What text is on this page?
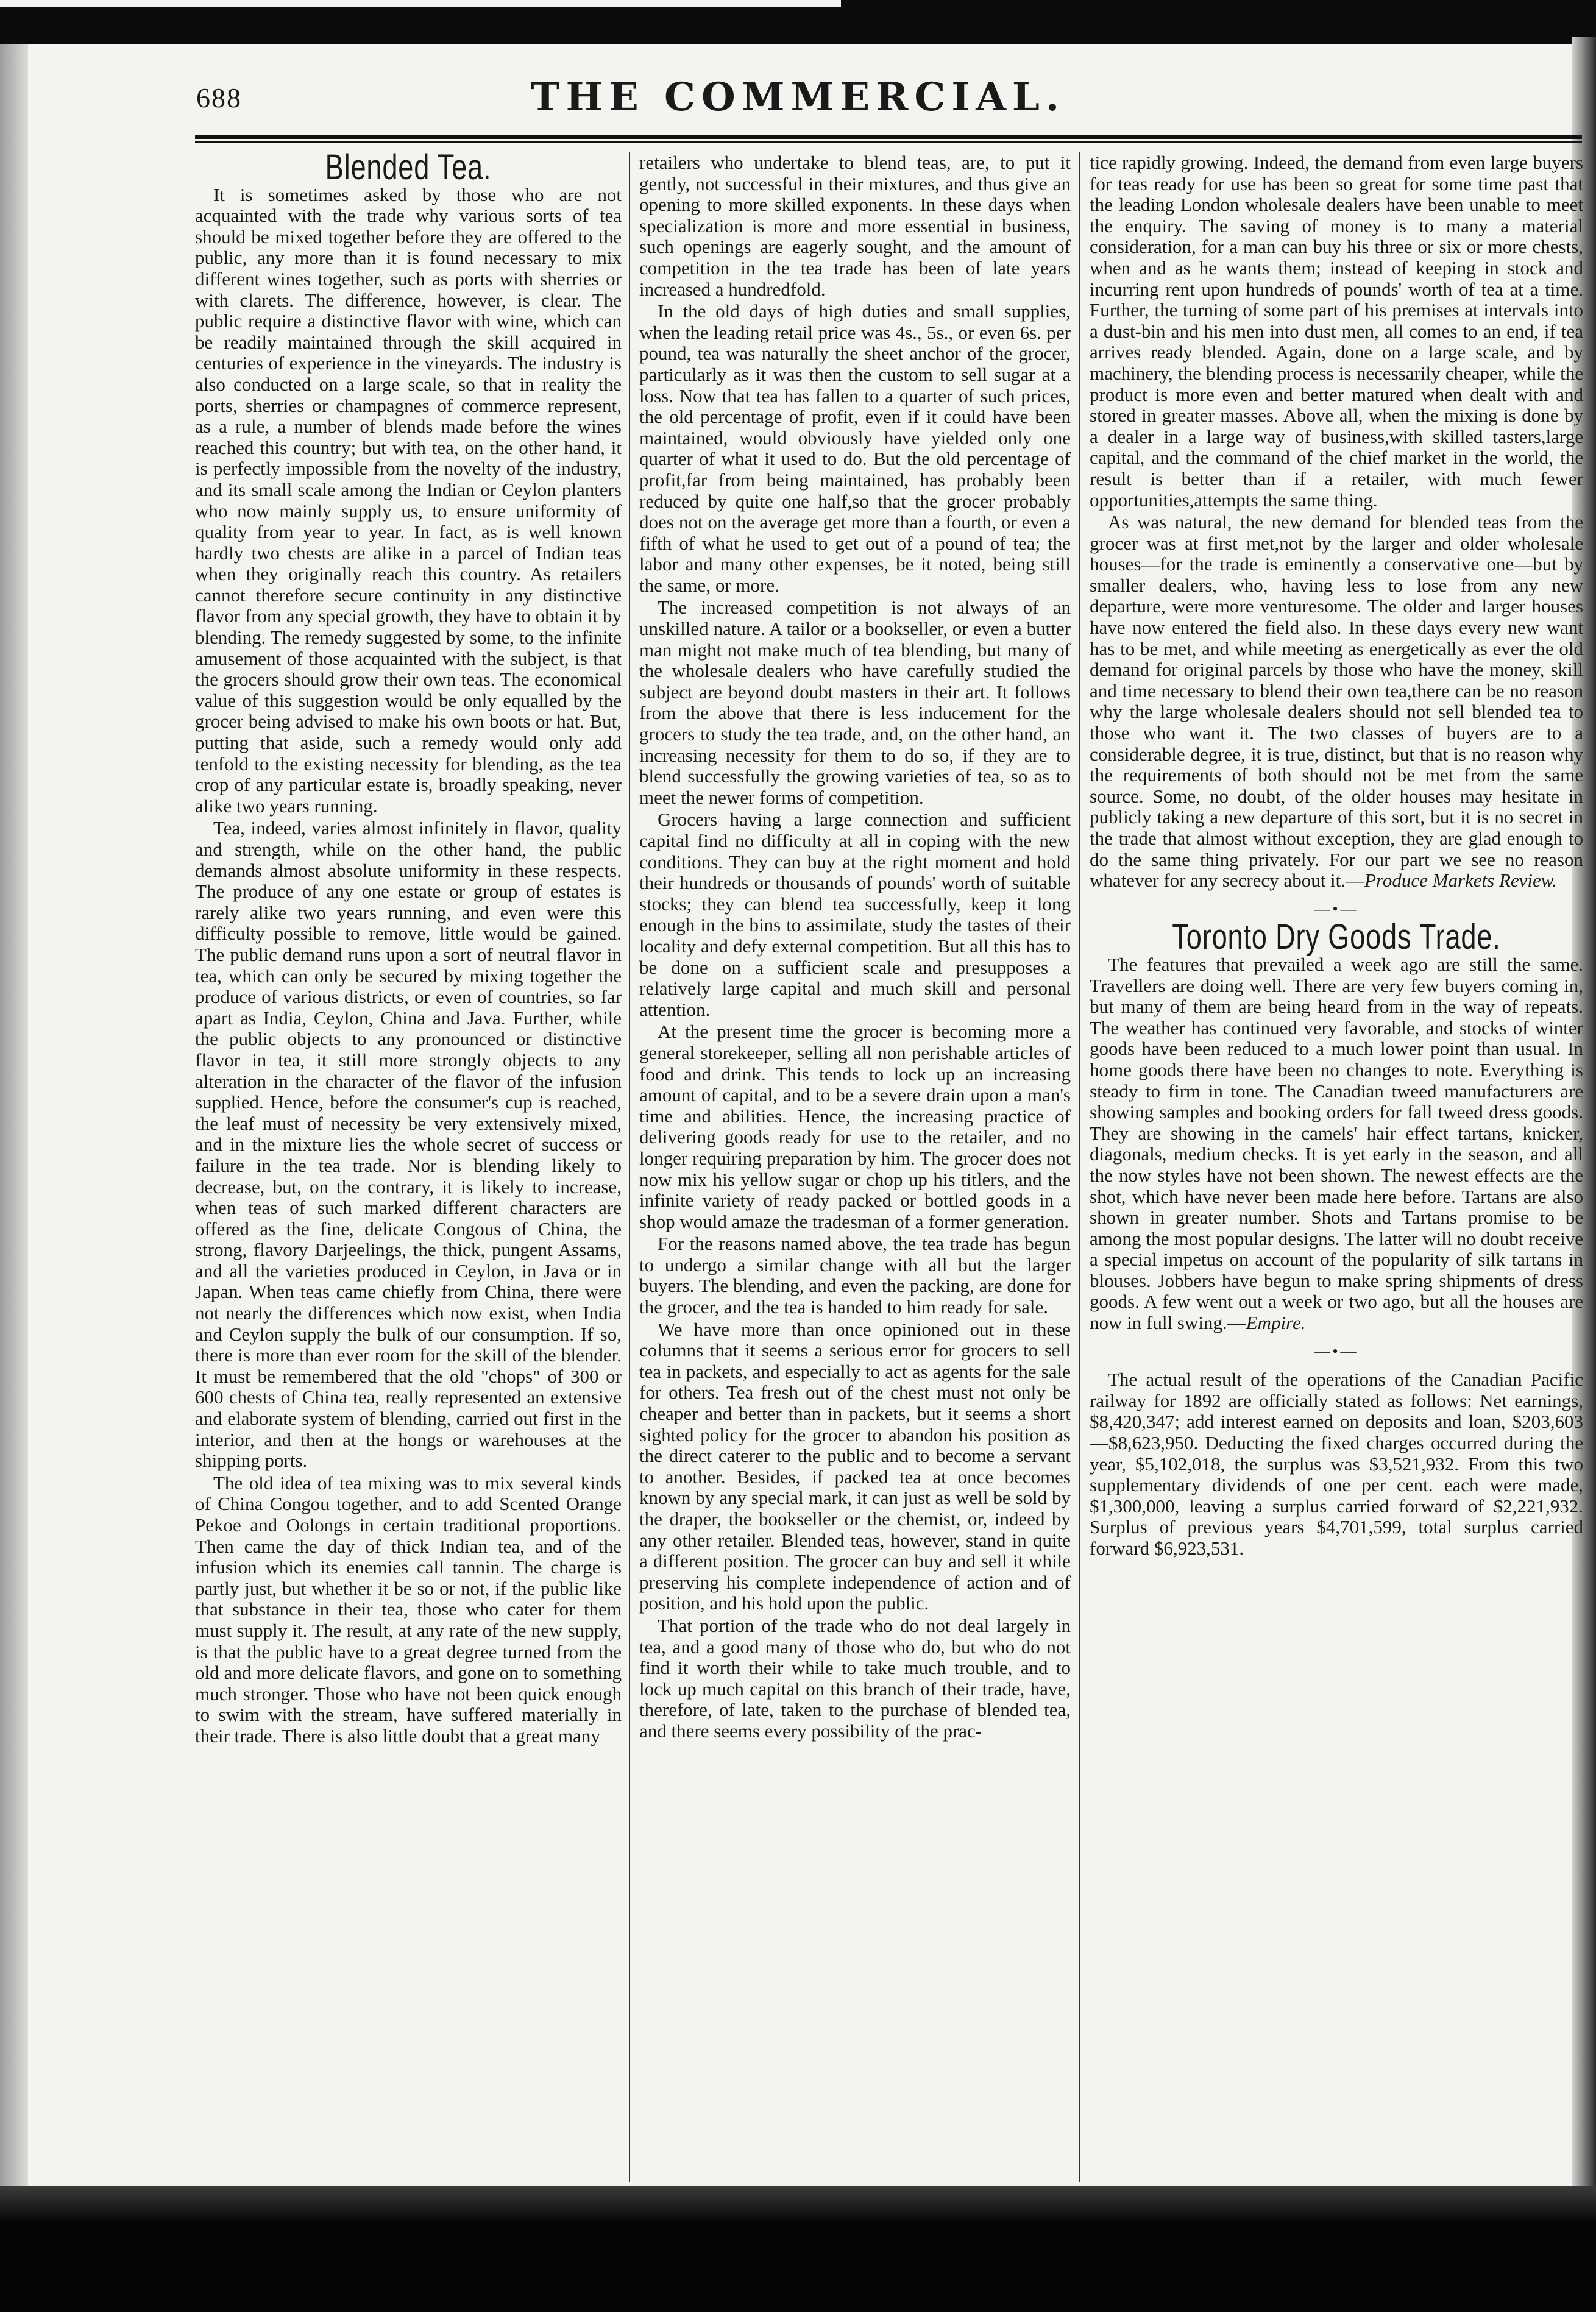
688	THE COMMERCIAL.
Blended Tea.

It is sometimes asked by those who are not acquainted with the trade why various sorts of tea should be mixed together before they are offered to the public, any more than it is found necessary to mix different wines together, such as ports with sherries or with clarets. The difference, however, is clear. The public require a distinctive flavor with wine, which can be readily maintained through the skill acquired in centuries of experience in the vineyards. The industry is also conducted on a large scale, so that in reality the ports, sherries or champagnes of commerce represent, as a rule, a number of blends made before the wines reached this country; but with tea, on the other hand, it is perfectly impossible from the novelty of the industry, and its small scale among the Indian or Ceylon planters who now mainly supply us, to ensure uniformity of quality from year to year. In fact, as is well known hardly two chests are alike in a parcel of Indian teas when they originally reach this country. As retailers cannot therefore secure continuity in any distinctive flavor from any special growth, they have to obtain it by blending. The remedy suggested by some, to the infinite amusement of those acquainted with the subject, is that the grocers should grow their own teas. The economical value of this suggestion would be only equalled by the grocer being advised to make his own boots or hat. But, putting that aside, such a remedy would only add tenfold to the existing necessity for blending, as the tea crop of any particular estate is, broadly speaking, never alike two years running.

Tea, indeed, varies almost infinitely in flavor, quality and strength, while on the other hand, the public demands almost absolute uniformity in these respects. The produce of any one estate or group of estates is rarely alike two years running, and even were this difficulty possible to remove, little would be gained. The public demand runs upon a sort of neutral flavor in tea, which can only be secured by mixing together the produce of various districts, or even of countries, so far apart as India, Ceylon, China and Java. Further, while the public objects to any pronounced or distinctive flavor in tea, it still more strongly objects to any alteration in the character of the flavor of the infusion supplied. Hence, before the consumer's cup is reached, the leaf must of necessity be very extensively mixed, and in the mixture lies the whole secret of success or failure in the tea trade. Nor is blending likely to decrease, but, on the contrary, it is likely to increase, when teas of such marked different characters are offered as the fine, delicate Congous of China, the strong, flavory Darjeelings, the thick, pungent Assams, and all the varieties produced in Ceylon, in Java or in Japan. When teas came chiefly from China, there were not nearly the differences which now exist, when India and Ceylon supply the bulk of our consumption. If so, there is more than ever room for the skill of the blender. It must be remembered that the old "chops" of 300 or 600 chests of China tea, really represented an extensive and elaborate system of blending, carried out first in the interior, and then at the hongs or warehouses at the shipping ports.

The old idea of tea mixing was to mix several kinds of China Congou together, and to add Scented Orange Pekoe and Oolongs in certain traditional proportions. Then came the day of thick Indian tea, and of the infusion which its enemies call tannin. The charge is partly just, but whether it be so or not, if the public like that substance in their tea, those who cater for them must supply it. The result, at any rate of the new supply, is that the public have to a great degree turned from the old and more delicate flavors, and gone on to something much stronger. Those who have not been quick enough to swim with the stream, have suffered materially in their trade. There is also little doubt that a great many

retailers who undertake to blend teas, are, to put it gently, not successful in their mixtures, and thus give an opening to more skilled exponents. In these days when specialization is more and more essential in business, such openings are eagerly sought, and the amount of competition in the tea trade has been of late years increased a hundredfold.

In the old days of high duties and small supplies, when the leading retail price was 4s., 5s., or even 6s. per pound, tea was naturally the sheet anchor of the grocer, particularly as it was then the custom to sell sugar at a loss. Now that tea has fallen to a quarter of such prices, the old percentage of profit, even if it could have been maintained, would obviously have yielded only one quarter of what it used to do. But the old percentage of profit,far from being maintained, has probably been reduced by quite one half,so that the grocer probably does not on the average get more than a fourth, or even a fifth of what he used to get out of a pound of tea; the labor and many other expenses, be it noted, being still the same, or more.

The increased competition is not always of an unskilled nature. A tailor or a bookseller, or even a butter man might not make much of tea blending, but many of the wholesale dealers who have carefully studied the subject are beyond doubt masters in their art. It follows from the above that there is less inducement for the grocers to study the tea trade, and, on the other hand, an increasing necessity for them to do so, if they are to blend successfully the growing varieties of tea, so as to meet the newer forms of competition.

Grocers having a large connection and sufficient capital find no difficulty at all in coping with the new conditions. They can buy at the right moment and hold their hundreds or thousands of pounds' worth of suitable stocks; they can blend tea successfully, keep it long enough in the bins to assimilate, study the tastes of their locality and defy external competition. But all this has to be done on a sufficient scale and presupposes a relatively large capital and much skill and personal attention.

At the present time the grocer is becoming more a general storekeeper, selling all non perishable articles of food and drink. This tends to lock up an increasing amount of capital, and to be a severe drain upon a man's time and abilities. Hence, the increasing practice of delivering goods ready for use to the retailer, and no longer requiring preparation by him. The grocer does not now mix his yellow sugar or chop up his titlers, and the infinite variety of ready packed or bottled goods in a shop would amaze the tradesman of a former generation.

For the reasons named above, the tea trade has begun to undergo a similar change with all but the larger buyers. The blending, and even the packing, are done for the grocer, and the tea is handed to him ready for sale.

We have more than once opinioned out in these columns that it seems a serious error for grocers to sell tea in packets, and especially to act as agents for the sale for others. Tea fresh out of the chest must not only be cheaper and better than in packets, but it seems a short sighted policy for the grocer to abandon his position as the direct caterer to the public and to become a servant to another. Besides, if packed tea at once becomes known by any special mark, it can just as well be sold by the draper, the bookseller or the chemist, or, indeed by any other retailer. Blended teas, however, stand in quite a different position. The grocer can buy and sell it while preserving his complete independence of action and of position, and his hold upon the public.

That portion of the trade who do not deal largely in tea, and a good many of those who do, but who do not find it worth their while to take much trouble, and to lock up much capital on this branch of their trade, have, therefore, of late, taken to the purchase of blended tea, and there seems every possibility of the prac-

tice rapidly growing. Indeed, the demand from even large buyers for teas ready for use has been so great for some time past that the leading London wholesale dealers have been unable to meet the enquiry. The saving of money is to many a material consideration, for a man can buy his three or six or more chests, when and as he wants them; instead of keeping in stock and incurring rent upon hundreds of pounds' worth of tea at a time. Further, the turning of some part of his premises at intervals into a dust-bin and his men into dust men, all comes to an end, if tea arrives ready blended. Again, done on a large scale, and by machinery, the blending process is necessarily cheaper, while the product is more even and better matured when dealt with and stored in greater masses. Above all, when the mixing is done by a dealer in a large way of business,with skilled tasters,large capital, and the command of the chief market in the world, the result is better than if a retailer, with much fewer opportunities,attempts the same thing.

As was natural, the new demand for blended teas from the grocer was at first met,not by the larger and older wholesale houses—for the trade is eminently a conservative one—but by smaller dealers, who, having less to lose from any new departure, were more venturesome. The older and larger houses have now entered the field also. In these days every new want has to be met, and while meeting as energetically as ever the old demand for original parcels by those who have the money, skill and time necessary to blend their own tea,there can be no reason why the large wholesale dealers should not sell blended tea to those who want it. The two classes of buyers are to a considerable degree, it is true, distinct, but that is no reason why the requirements of both should not be met from the same source. Some, no doubt, of the older houses may hesitate in publicly taking a new departure of this sort, but it is no secret in the trade that almost without exception, they are glad enough to do the same thing privately. For our part we see no reason whatever for any secrecy about it.—Produce Markets Review.

—•—
Toronto Dry Goods Trade.

The features that prevailed a week ago are still the same. Travellers are doing well. There are very few buyers coming in, but many of them are being heard from in the way of repeats. The weather has continued very favorable, and stocks of winter goods have been reduced to a much lower point than usual. In home goods there have been no changes to note. Everything is steady to firm in tone. The Canadian tweed manufacturers are showing samples and booking orders for fall tweed dress goods. They are showing in the camels' hair effect tartans, knicker, diagonals, medium checks. It is yet early in the season, and all the now styles have not been shown. The newest effects are the shot, which have never been made here before. Tartans are also shown in greater number. Shots and Tartans promise to be among the most popular designs. The latter will no doubt receive a special impetus on account of the popularity of silk tartans in blouses. Jobbers have begun to make spring shipments of dress goods. A few went out a week or two ago, but all the houses are now in full swing.—Empire.

—•—

The actual result of the operations of the Canadian Pacific railway for 1892 are officially stated as follows: Net earnings, $8,420,347; add interest earned on deposits and loan, $203,603—$8,623,950. Deducting the fixed charges occurred during the year, $5,102,018, the surplus was $3,521,932. From this two supplementary dividends of one per cent. each were made, $1,300,000, leaving a surplus carried forward of $2,221,932. Surplus of previous years $4,701,599, total surplus carried forward $6,923,531.
